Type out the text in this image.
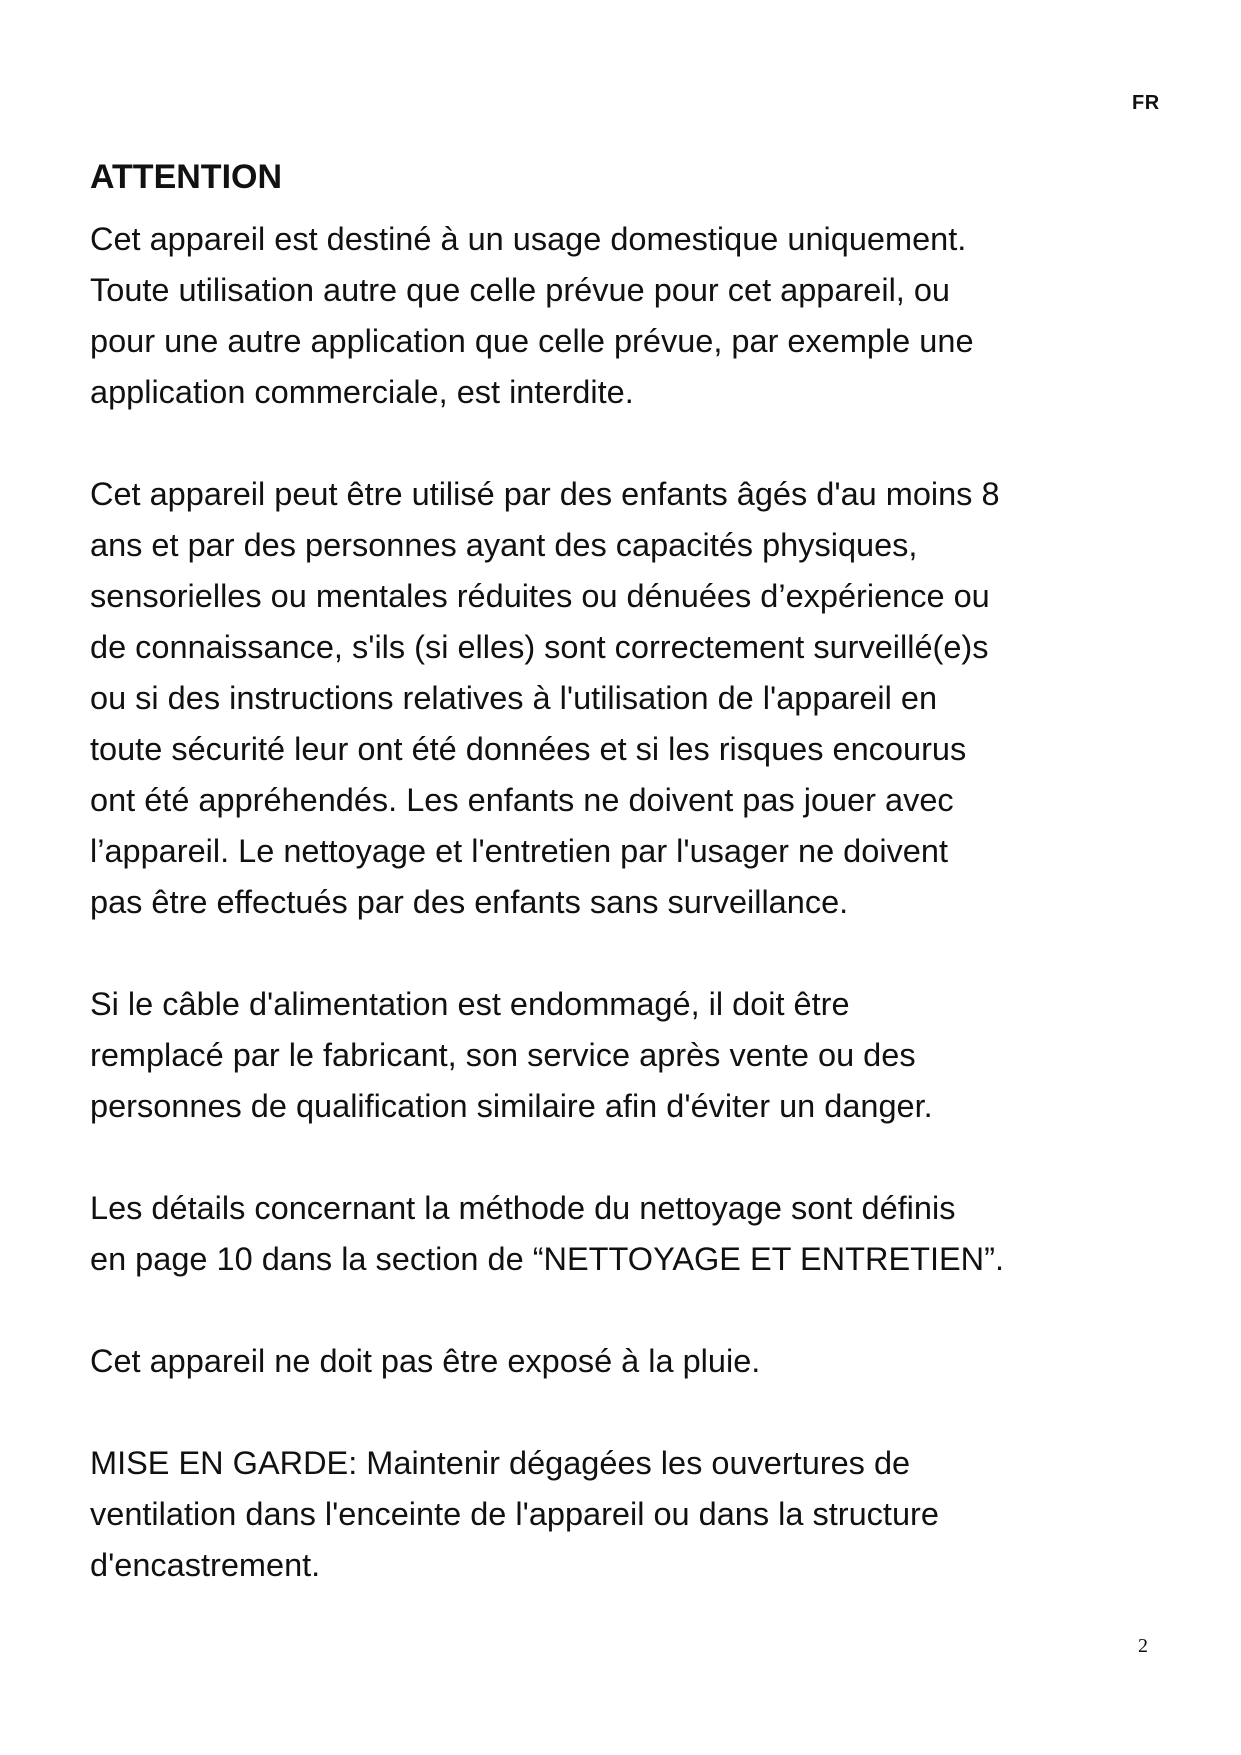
FR
ATTENTION
Cet appareil est destiné à un usage domestique uniquement.
Toute utilisation autre que celle prévue pour cet appareil, ou
pour une autre application que celle prévue, par exemple une
application commerciale, est interdite.
Cet appareil peut être utilisé par des enfants âgés d'au moins 8
ans et par des personnes ayant des capacités physiques,
sensorielles ou mentales réduites ou dénuées d’expérience ou
de connaissance, s'ils (si elles) sont correctement surveillé(e)s
ou si des instructions relatives à l'utilisation de l'appareil en
toute sécurité leur ont été données et si les risques encourus
ont été appréhendés. Les enfants ne doivent pas jouer avec
l’appareil. Le nettoyage et l'entretien par l'usager ne doivent
pas être effectués par des enfants sans surveillance.
Si le câble d'alimentation est endommagé, il doit être
remplacé par le fabricant, son service après vente ou des
personnes de qualification similaire afin d'éviter un danger.
Les détails concernant la méthode du nettoyage sont définis
en page 10 dans la section de “NETTOYAGE ET ENTRETIEN”.
Cet appareil ne doit pas être exposé à la pluie.
MISE EN GARDE: Maintenir dégagées les ouvertures de
ventilation dans l'enceinte de l'appareil ou dans la structure
d'encastrement.
2
